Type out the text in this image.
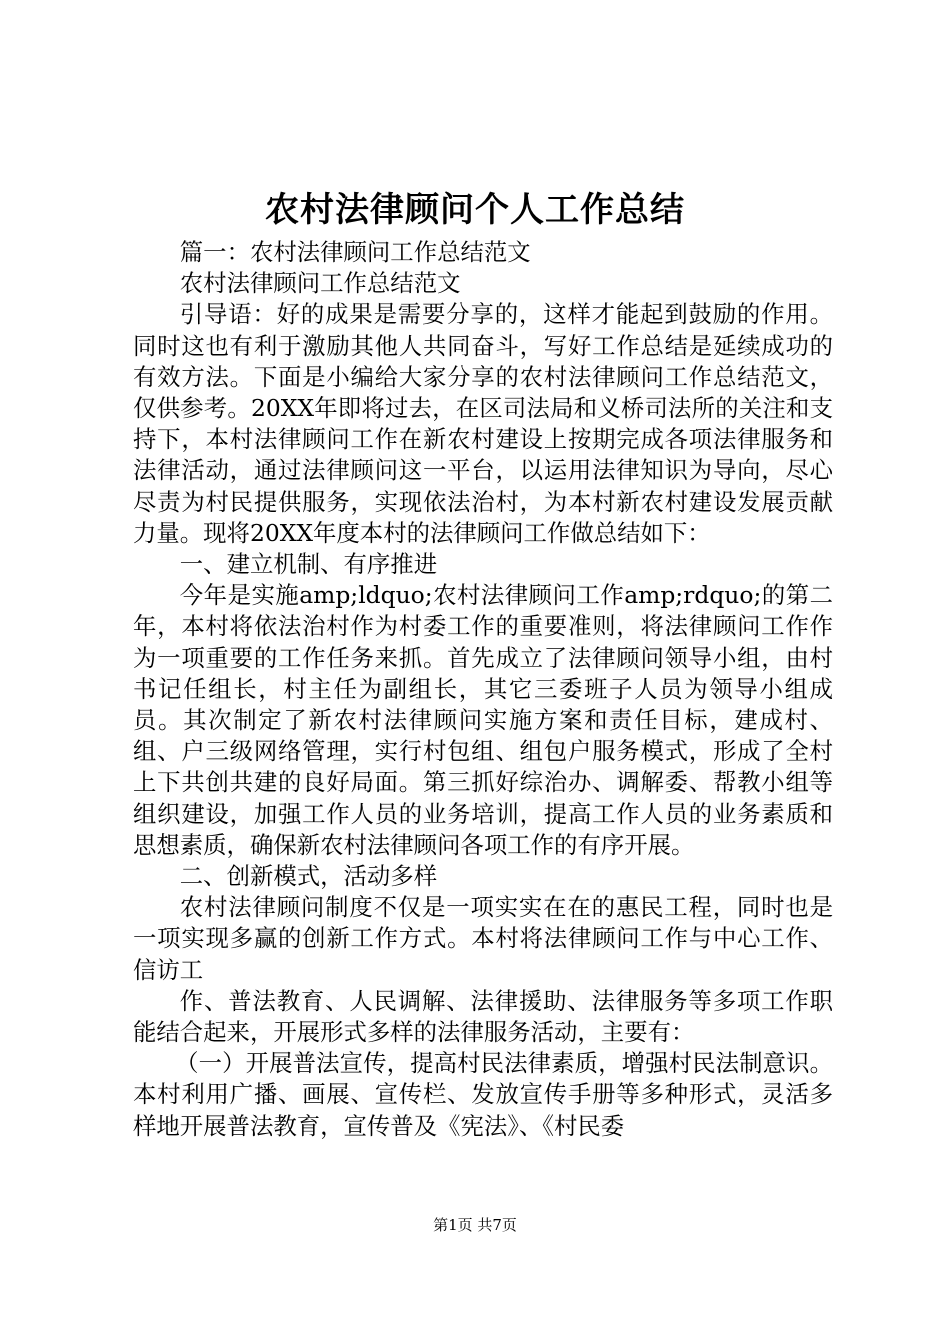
农村法律顾问个人工作总结

篇一：农村法律顾问工作总结范文

农村法律顾问工作总结范文

引导语：好的成果是需要分享的，这样才能起到鼓励的作用。同时这也有利于激励其他人共同奋斗，写好工作总结是延续成功的有效方法。下面是小编给大家分享的农村法律顾问工作总结范文，仅供参考。20XX年即将过去，在区司法局和义桥司法所的关注和支持下，本村法律顾问工作在新农村建设上按期完成各项法律服务和法律活动，通过法律顾问这一平台，以运用法律知识为导向，尽心尽责为村民提供服务，实现依法治村，为本村新农村建设发展贡献力量。现将20XX年度本村的法律顾问工作做总结如下：

一、建立机制、有序推进

今年是实施amp;ldquo;农村法律顾问工作amp;rdquo;的第二年，本村将依法治村作为村委工作的重要准则，将法律顾问工作作为一项重要的工作任务来抓。首先成立了法律顾问领导小组，由村书记任组长，村主任为副组长，其它三委班子人员为领导小组成员。其次制定了新农村法律顾问实施方案和责任目标，建成村、组、户三级网络管理，实行村包组、组包户服务模式，形成了全村上下共创共建的良好局面。第三抓好综治办、调解委、帮教小组等组织建设，加强工作人员的业务培训，提高工作人员的业务素质和思想素质，确保新农村法律顾问各项工作的有序开展。

二、创新模式，活动多样

农村法律顾问制度不仅是一项实实在在的惠民工程，同时也是一项实现多赢的创新工作方式。本村将法律顾问工作与中心工作、信访工

作、普法教育、人民调解、法律援助、法律服务等多项工作职能结合起来，开展形式多样的法律服务活动，主要有：

（一）开展普法宣传，提高村民法律素质，增强村民法制意识。本村利用广播、画展、宣传栏、发放宣传手册等多种形式，灵活多样地开展普法教育，宣传普及《宪法》、《村民委

第1页 共7页
